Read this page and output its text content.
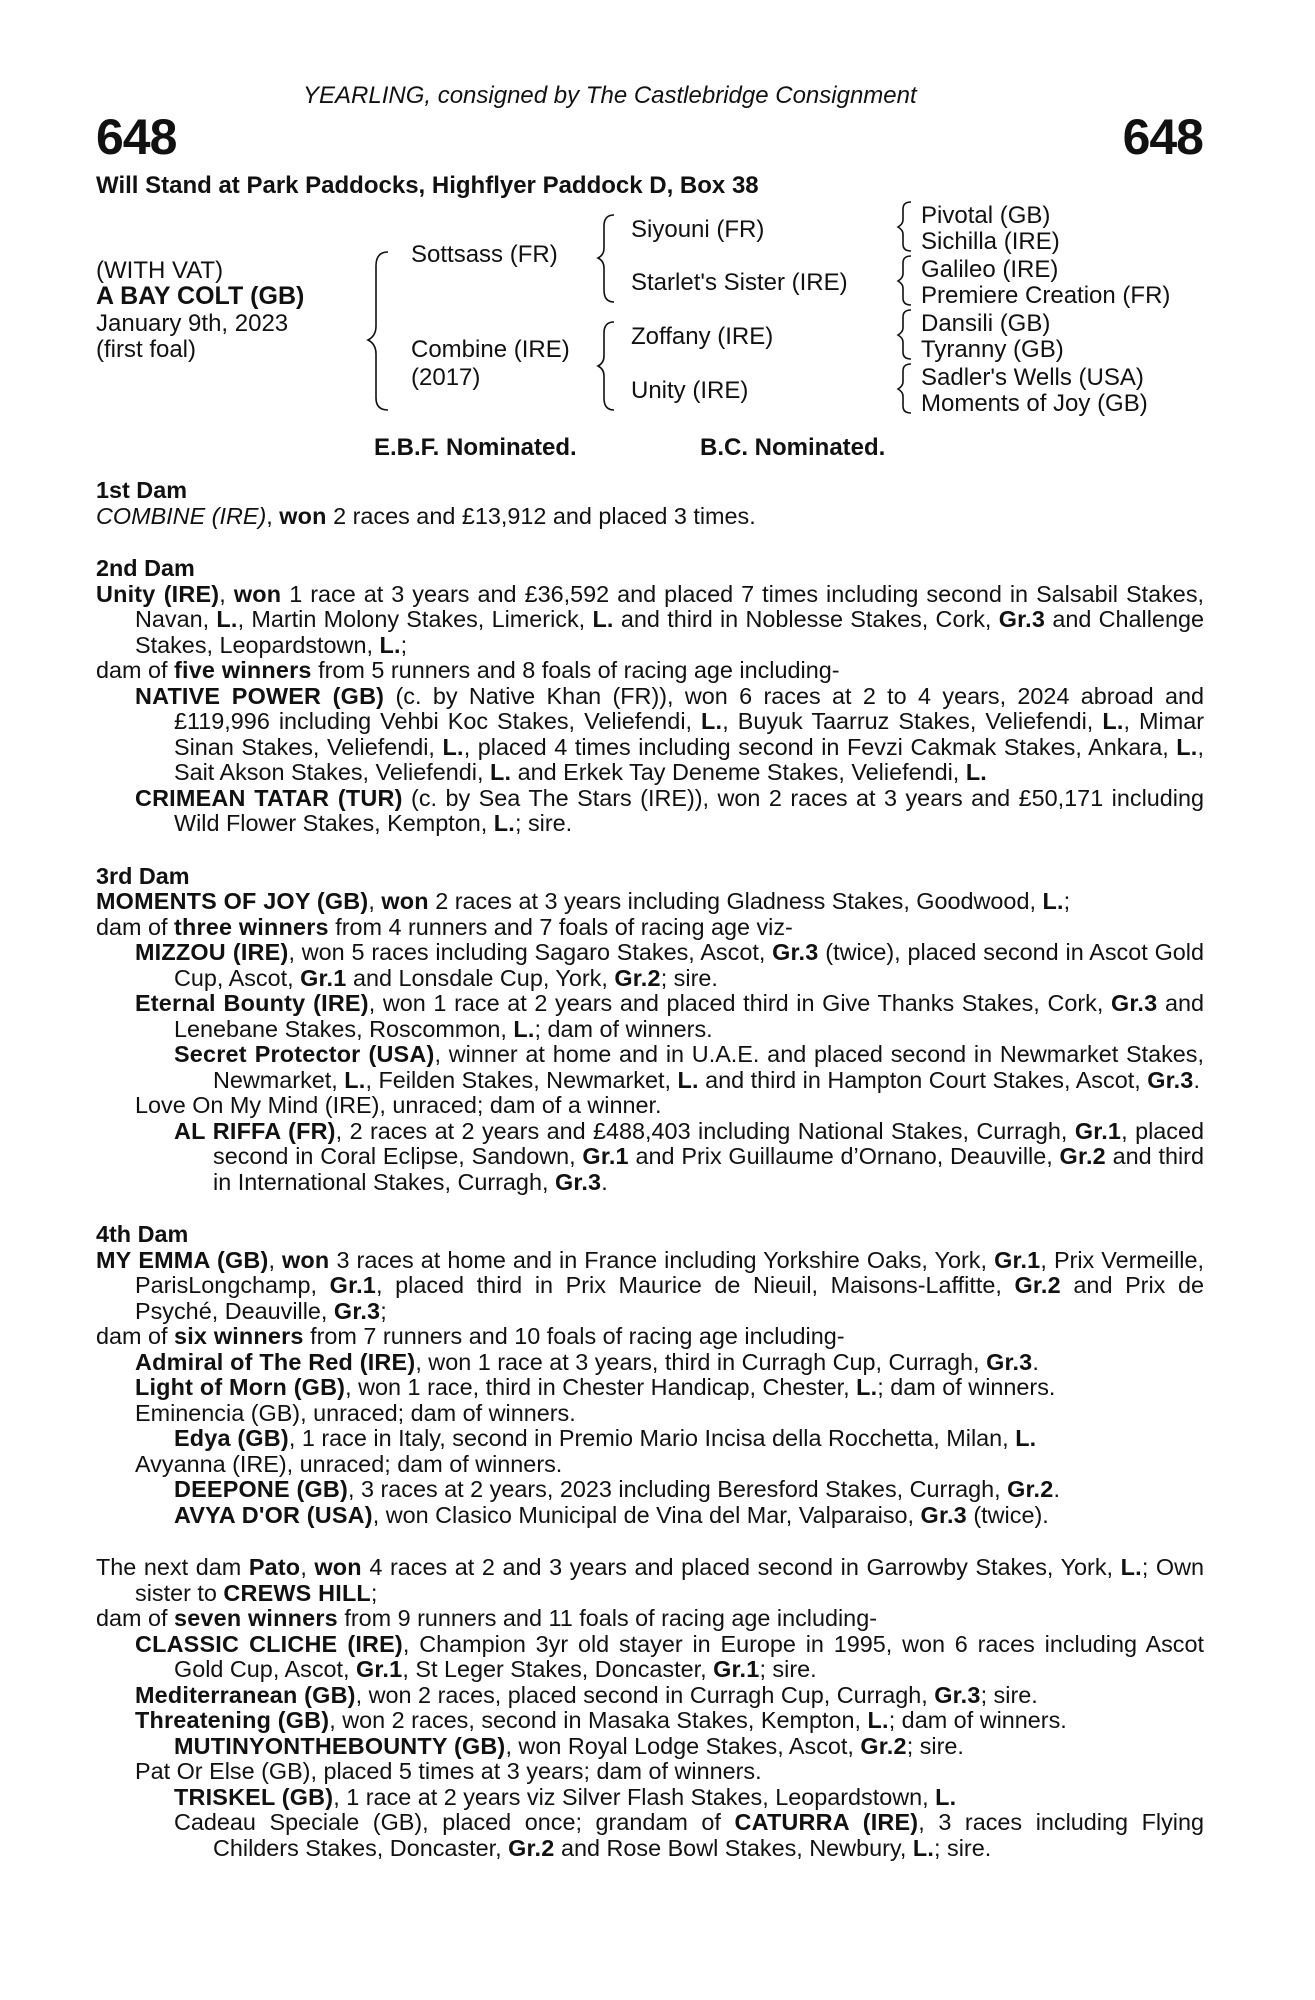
YEARLING, consigned by The Castlebridge Consignment
648	648
Will Stand at Park Paddocks, Highflyer Paddock D, Box 38
(WITH VAT)
A BAY COLT (GB)
January 9th, 2023
(first foal)
Sottsass (FR)
Combine (IRE)
(2017)
Siyouni (FR)
Starlet's Sister (IRE)
Zoffany (IRE)
Unity (IRE)
Pivotal (GB)
Sichilla (IRE)
Galileo (IRE)
Premiere Creation (FR)
Dansili (GB)
Tyranny (GB)
Sadler's Wells (USA)
Moments of Joy (GB)
E.B.F. Nominated.	B.C. Nominated.
1st Dam
COMBINE (IRE), won 2 races and £13,912 and placed 3 times.
2nd Dam
Unity (IRE), won 1 race at 3 years and £36,592 and placed 7 times including second in Salsabil Stakes, Navan, L., Martin Molony Stakes, Limerick, L. and third in Noblesse Stakes, Cork, Gr.3 and Challenge Stakes, Leopardstown, L.;
dam of five winners from 5 runners and 8 foals of racing age including-
NATIVE POWER (GB) (c. by Native Khan (FR)), won 6 races at 2 to 4 years, 2024 abroad and £119,996 including Vehbi Koc Stakes, Veliefendi, L., Buyuk Taarruz Stakes, Veliefendi, L., Mimar Sinan Stakes, Veliefendi, L., placed 4 times including second in Fevzi Cakmak Stakes, Ankara, L., Sait Akson Stakes, Veliefendi, L. and Erkek Tay Deneme Stakes, Veliefendi, L.
CRIMEAN TATAR (TUR) (c. by Sea The Stars (IRE)), won 2 races at 3 years and £50,171 including Wild Flower Stakes, Kempton, L.; sire.
3rd Dam
MOMENTS OF JOY (GB), won 2 races at 3 years including Gladness Stakes, Goodwood, L.;
dam of three winners from 4 runners and 7 foals of racing age viz-
MIZZOU (IRE), won 5 races including Sagaro Stakes, Ascot, Gr.3 (twice), placed second in Ascot Gold Cup, Ascot, Gr.1 and Lonsdale Cup, York, Gr.2; sire.
Eternal Bounty (IRE), won 1 race at 2 years and placed third in Give Thanks Stakes, Cork, Gr.3 and Lenebane Stakes, Roscommon, L.; dam of winners.
Secret Protector (USA), winner at home and in U.A.E. and placed second in Newmarket Stakes, Newmarket, L., Feilden Stakes, Newmarket, L. and third in Hampton Court Stakes, Ascot, Gr.3.
Love On My Mind (IRE), unraced; dam of a winner.
AL RIFFA (FR), 2 races at 2 years and £488,403 including National Stakes, Curragh, Gr.1, placed second in Coral Eclipse, Sandown, Gr.1 and Prix Guillaume d’Ornano, Deauville, Gr.2 and third in International Stakes, Curragh, Gr.3.
4th Dam
MY EMMA (GB), won 3 races at home and in France including Yorkshire Oaks, York, Gr.1, Prix Vermeille, ParisLongchamp, Gr.1, placed third in Prix Maurice de Nieuil, Maisons-Laffitte, Gr.2 and Prix de Psyché, Deauville, Gr.3;
dam of six winners from 7 runners and 10 foals of racing age including-
Admiral of The Red (IRE), won 1 race at 3 years, third in Curragh Cup, Curragh, Gr.3.
Light of Morn (GB), won 1 race, third in Chester Handicap, Chester, L.; dam of winners.
Eminencia (GB), unraced; dam of winners.
Edya (GB), 1 race in Italy, second in Premio Mario Incisa della Rocchetta, Milan, L.
Avyanna (IRE), unraced; dam of winners.
DEEPONE (GB), 3 races at 2 years, 2023 including Beresford Stakes, Curragh, Gr.2.
AVYA D'OR (USA), won Clasico Municipal de Vina del Mar, Valparaiso, Gr.3 (twice).
The next dam Pato, won 4 races at 2 and 3 years and placed second in Garrowby Stakes, York, L.; Own sister to CREWS HILL;
dam of seven winners from 9 runners and 11 foals of racing age including-
CLASSIC CLICHE (IRE), Champion 3yr old stayer in Europe in 1995, won 6 races including Ascot Gold Cup, Ascot, Gr.1, St Leger Stakes, Doncaster, Gr.1; sire.
Mediterranean (GB), won 2 races, placed second in Curragh Cup, Curragh, Gr.3; sire.
Threatening (GB), won 2 races, second in Masaka Stakes, Kempton, L.; dam of winners.
MUTINYONTHEBOUNTY (GB), won Royal Lodge Stakes, Ascot, Gr.2; sire.
Pat Or Else (GB), placed 5 times at 3 years; dam of winners.
TRISKEL (GB), 1 race at 2 years viz Silver Flash Stakes, Leopardstown, L.
Cadeau Speciale (GB), placed once; grandam of CATURRA (IRE), 3 races including Flying Childers Stakes, Doncaster, Gr.2 and Rose Bowl Stakes, Newbury, L.; sire.
